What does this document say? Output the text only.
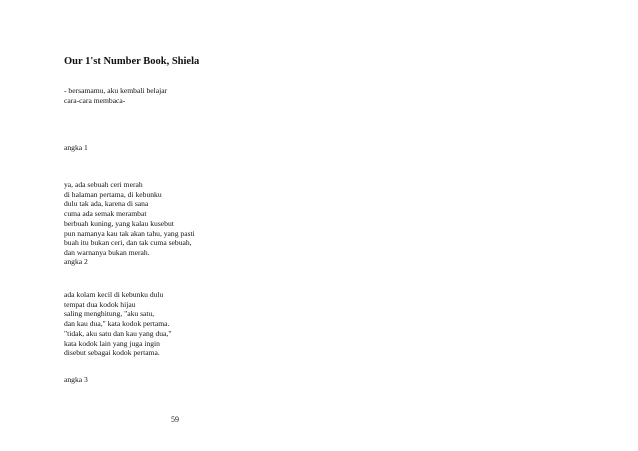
Our 1'st Number Book, Shiela
- bersamamu, aku kembali belajar
cara-cara membaca-
angka 1
ya, ada sebuah ceri merah
di halaman pertama, di kebunku
dulu tak ada, karena di sana
cuma ada semak merambat
berbuah kuning, yang kalau kusebut
pun namanya kau tak akan tahu, yang pasti
buah itu bukan ceri, dan tak cuma sebuah,
dan warnanya bukan merah.
angka 2
ada kolam kecil di kebunku dulu
tempat dua kodok hijau
saling menghitung, "aku satu,
dan kau dua," kata kodok pertama.
"tidak, aku satu dan kau yang dua,"
kata kodok lain yang juga ingin
disebut sebagai kodok pertama.
angka 3
59
